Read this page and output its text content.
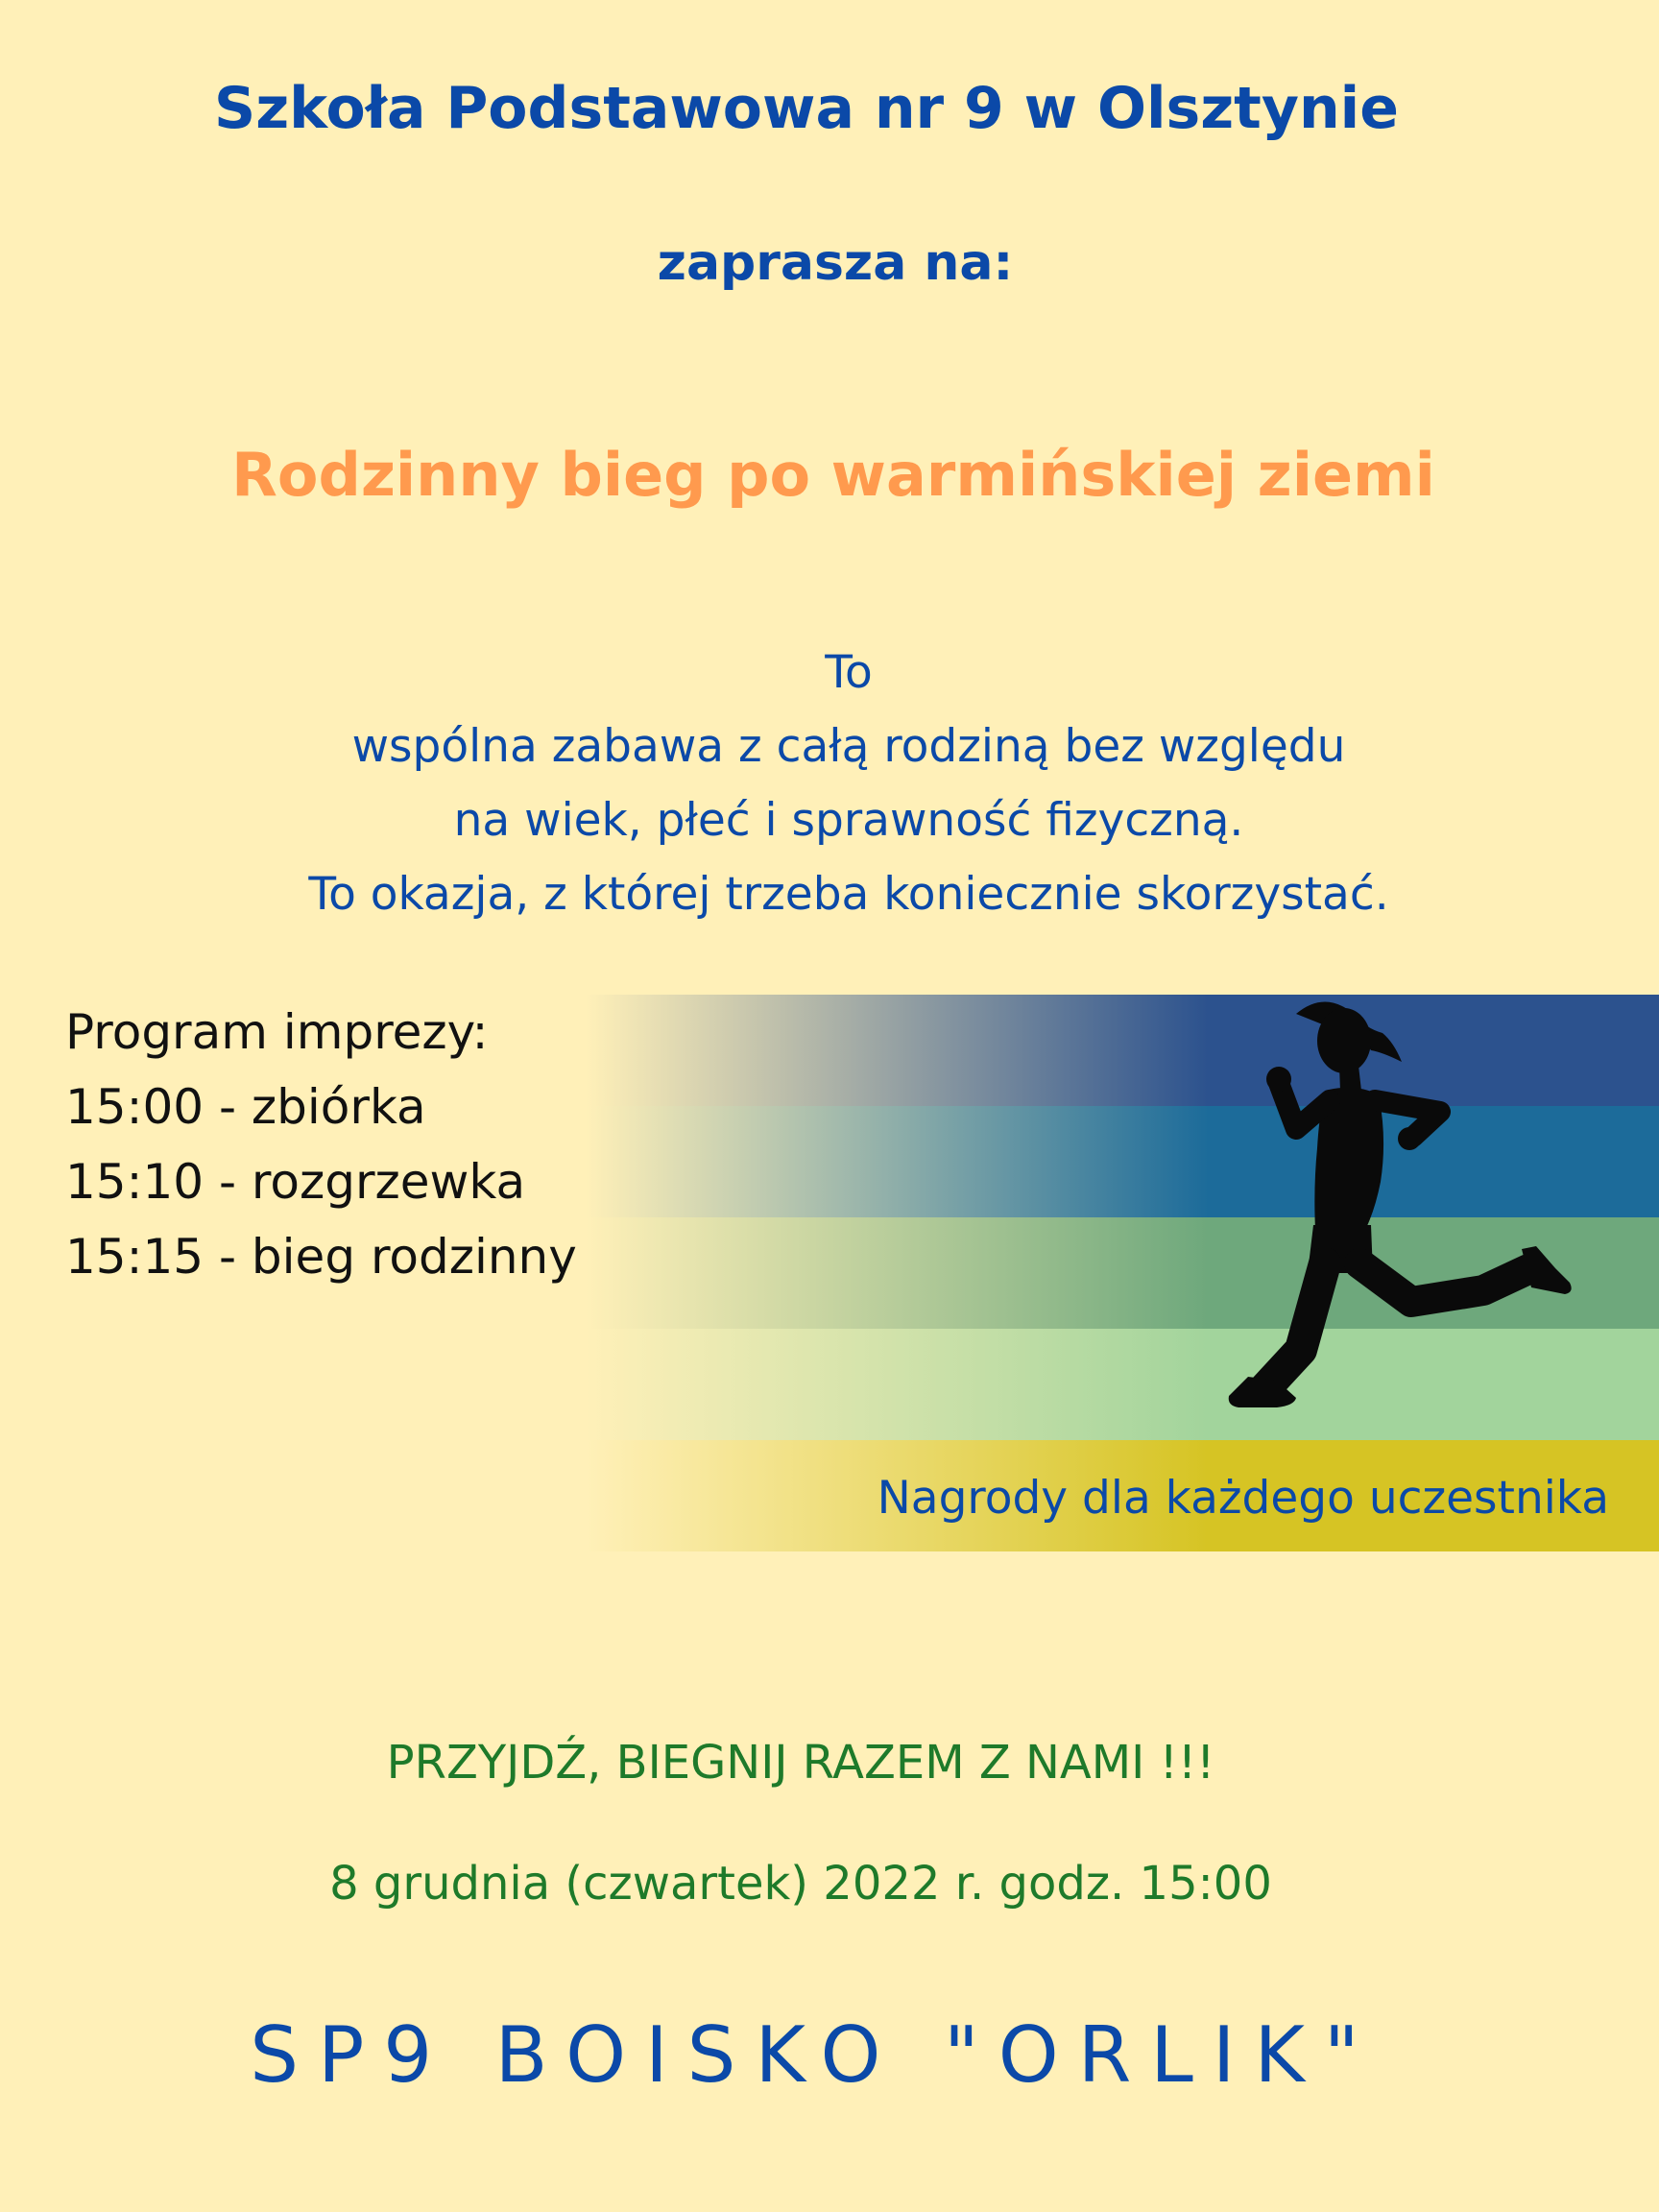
Szkoła Podstawowa nr 9 w Olsztynie
zaprasza na:
Rodzinny bieg po warmińskiej ziemi
To
wspólna zabawa z całą rodziną bez względu
na wiek, płeć i sprawność fizyczną.
To okazja, z której trzeba koniecznie skorzystać.
Program imprezy:
15:00 - zbiórka
15:10 - rozgrzewka
15:15 - bieg rodzinny
Nagrody dla każdego uczestnika
PRZYJDŹ, BIEGNIJ RAZEM Z NAMI !!!
8 grudnia (czwartek) 2022 r. godz. 15:00
SP9 BOISKO "ORLIK"
